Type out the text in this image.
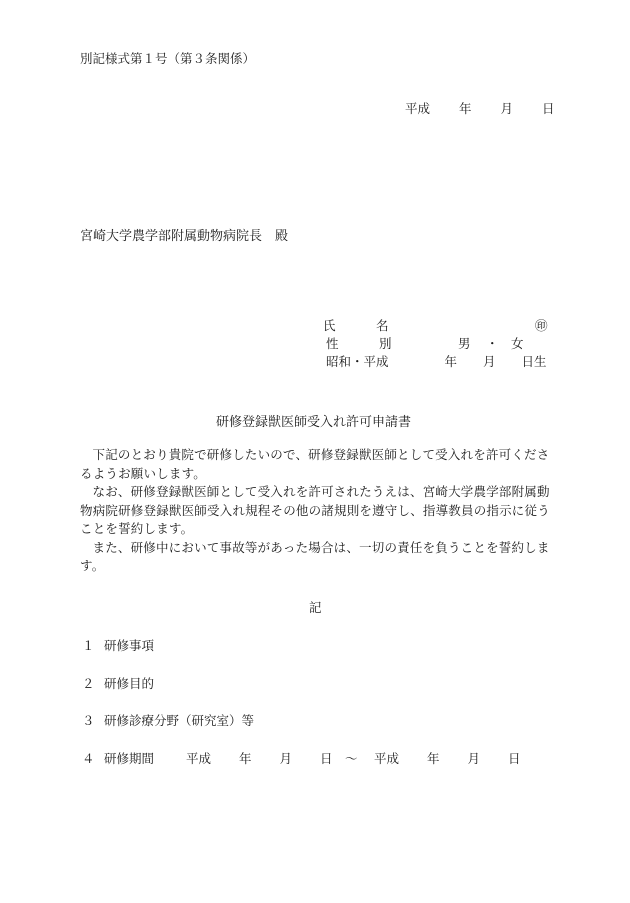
別記様式第１号（第３条関係）
平成 年 月 日
宮崎大学農学部附属動物病院長　殿
氏	名	㊞
性	別	男 ・ 女
昭和・平成	年 月 日生
研修登録獣医師受入れ許可申請書

下記のとおり貴院で研修したいので、研修登録獣医師として受入れを許可くださるようお願いします。

なお、研修登録獣医師として受入れを許可されたうえは、宮崎大学農学部附属動物病院研修登録獣医師受入れ規程その他の諸規則を遵守し、指導教員の指示に従うことを誓約します。

また、研修中において事故等があった場合は、一切の責任を負うことを誓約します。

記
１ 研修事項
２ 研修目的
３ 研修診療分野（研究室）等
４ 研修期間	平成 年 月 日 ～ 平成 年 月 日
